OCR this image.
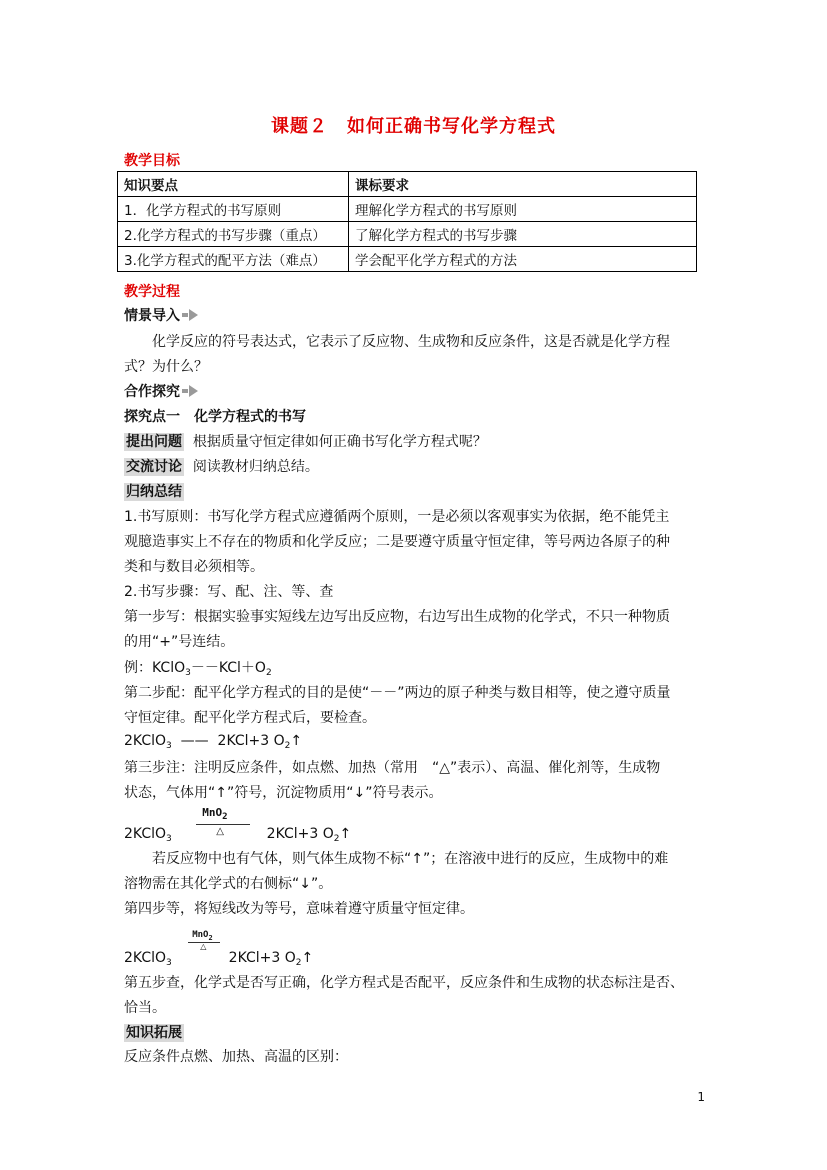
课题２　如何正确书写化学方程式
教学目标
知识要点	课标要求
1．化学方程式的书写原则	理解化学方程式的书写原则
2.化学方程式的书写步骤（重点）	了解化学方程式的书写步骤
3.化学方程式的配平方法（难点）	学会配平化学方程式的方法
教学过程
情景导入
化学反应的符号表达式，它表示了反应物、生成物和反应条件，这是否就是化学方程
式？为什么？
合作探究
探究点一　化学方程式的书写
提出问题 根据质量守恒定律如何正确书写化学方程式呢？
交流讨论 阅读教材归纳总结。
归纳总结
1.书写原则：书写化学方程式应遵循两个原则，一是必须以客观事实为依据，绝不能凭主
观臆造事实上不存在的物质和化学反应；二是要遵守质量守恒定律，等号两边各原子的种
类和与数目必须相等。
2.书写步骤：写、配、注、等、查
第一步写：根据实验事实短线左边写出反应物，右边写出生成物的化学式，不只一种物质
的用“+”号连结。
例：$KClO_3--KCl+O_2$
第二步配：配平化学方程式的目的是使“－－”两边的原子种类与数目相等，使之遵守质量
守恒定律。配平化学方程式后，要检查。
2KClO$_3$  ——  2KCl+3 $O_2↑$
第三步注：注明反应条件，如点燃、加热（常用　“△”表示）、高温、催化剂等，生成物
状态，气体用“↑”符号，沉淀物质用“↓”符号表示。
2KClO$_3$
MnO$_2$
△	2KCl+3 $O_2↑$
若反应物中也有气体，则气体生成物不标“↑”；在溶液中进行的反应，生成物中的难
溶物需在其化学式的右侧标“↓”。
第四步等，将短线改为等号，意味着遵守质量守恒定律。
2KClO$_3$
MnO$_2$
△
2KCl+3 $O_2↑$
第五步查，化学式是否写正确，化学方程式是否配平，反应条件和生成物的状态标注是否、
恰当。
知识拓展
反应条件点燃、加热、高温的区别：
1
